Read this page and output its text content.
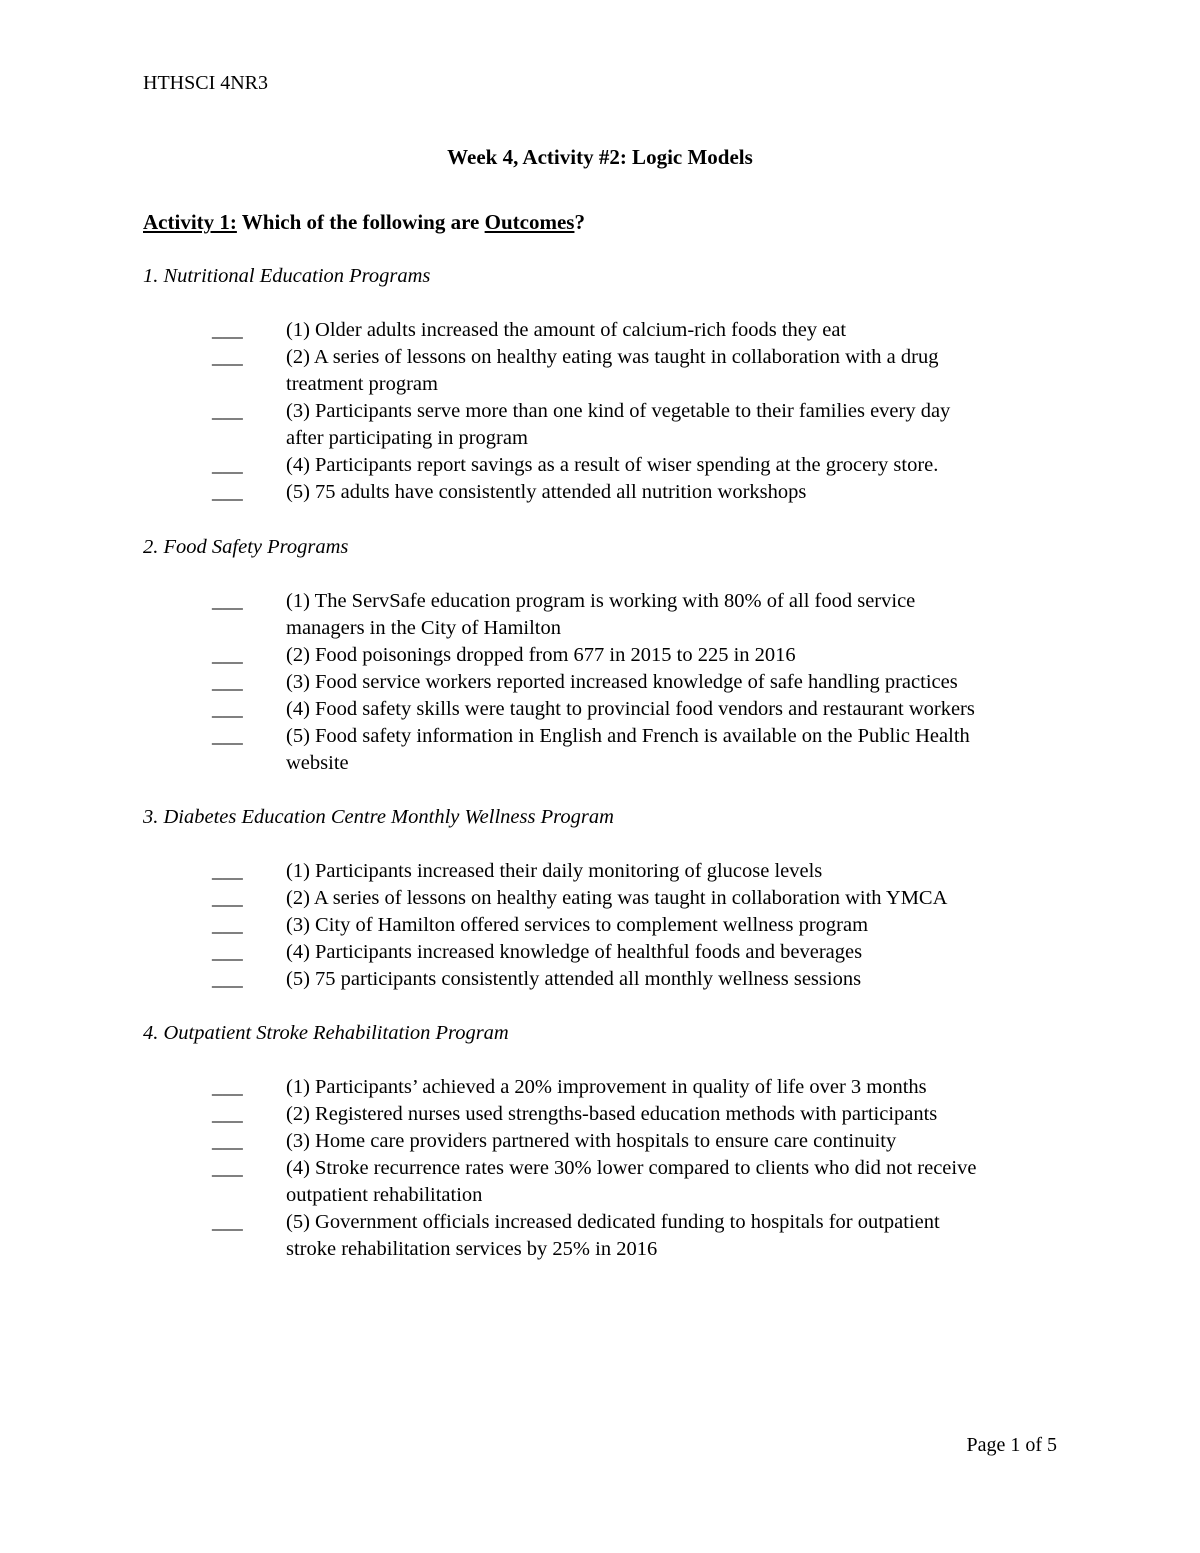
HTHSCI 4NR3
Week 4, Activity #2: Logic Models
Activity 1: Which of the following are Outcomes?
1. Nutritional Education Programs
___	(1) Older adults increased the amount of calcium-rich foods they eat
___	(2) A series of lessons on healthy eating was taught in collaboration with a drug
treatment program
___	(3) Participants serve more than one kind of vegetable to their families every day
after participating in program
___	(4) Participants report savings as a result of wiser spending at the grocery store.
___	(5) 75 adults have consistently attended all nutrition workshops
2. Food Safety Programs
___	(1) The ServSafe education program is working with 80% of all food service
managers in the City of Hamilton
___	(2) Food poisonings dropped from 677 in 2015 to 225 in 2016
___	(3) Food service workers reported increased knowledge of safe handling practices
___	(4) Food safety skills were taught to provincial food vendors and restaurant workers
___	(5) Food safety information in English and French is available on the Public Health
website
3. Diabetes Education Centre Monthly Wellness Program
___	(1) Participants increased their daily monitoring of glucose levels
___	(2) A series of lessons on healthy eating was taught in collaboration with YMCA
___	(3) City of Hamilton offered services to complement wellness program
___	(4) Participants increased knowledge of healthful foods and beverages
___	(5) 75 participants consistently attended all monthly wellness sessions
4. Outpatient Stroke Rehabilitation Program
___	(1) Participants’ achieved a 20% improvement in quality of life over 3 months
___	(2) Registered nurses used strengths-based education methods with participants
___	(3) Home care providers partnered with hospitals to ensure care continuity
___	(4) Stroke recurrence rates were 30% lower compared to clients who did not receive
outpatient rehabilitation
___	(5) Government officials increased dedicated funding to hospitals for outpatient
stroke rehabilitation services by 25% in 2016
Page 1 of 5
